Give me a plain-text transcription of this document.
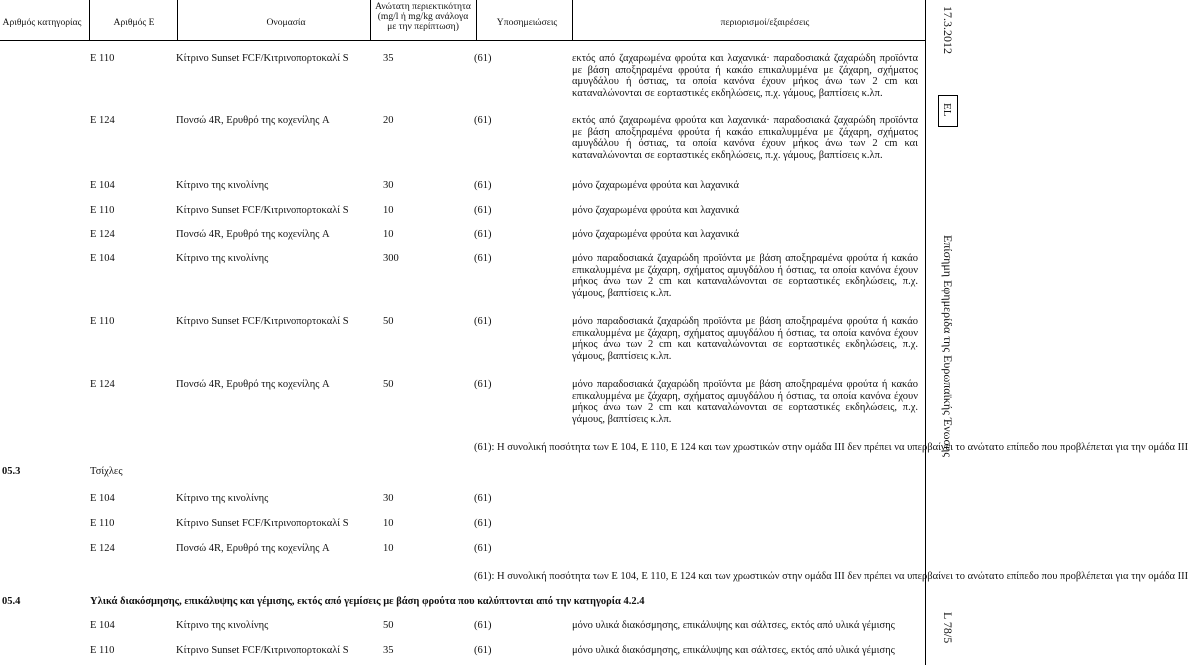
Αριθμός κατηγορίας	Αριθμός Ε	Ονομασία
Ανώτατη περιεκτικότητα
(mg/l ή mg/kg ανάλογα
με την περίπτωση)	Υποσημειώσεις	περιορισμοί/εξαιρέσεις
E 110	Κίτρινο Sunset FCF/Κιτρινοπορτοκαλί S	35	(61)	εκτός από ζαχαρωμένα φρούτα και λαχανικά· παραδοσιακά ζαχαρώδη προϊόντα με βάση αποξηραμένα φρούτα ή κακάο επικαλυμμένα με ζάχαρη, σχήματος αμυγδάλου ή όστιας, τα οποία κανόνα έχουν μήκος άνω των 2 cm και καταναλώνονται σε εορταστικές εκδηλώσεις, π.χ. γάμους, βαπτίσεις κ.λπ.
E 124	Πονσώ 4R, Ερυθρό της κοχενίλης A	20	(61)	εκτός από ζαχαρωμένα φρούτα και λαχανικά· παραδοσιακά ζαχαρώδη προϊόντα με βάση αποξηραμένα φρούτα ή κακάο επικαλυμμένα με ζάχαρη, σχήματος αμυγδάλου ή όστιας, τα οποία κανόνα έχουν μήκος άνω των 2 cm και καταναλώνονται σε εορταστικές εκδηλώσεις, π.χ. γάμους, βαπτίσεις κ.λπ.
E 104	Κίτρινο της κινολίνης	30	(61)	μόνο ζαχαρωμένα φρούτα και λαχανικά
E 110	Κίτρινο Sunset FCF/Κιτρινοπορτοκαλί S	10	(61)	μόνο ζαχαρωμένα φρούτα και λαχανικά
E 124	Πονσώ 4R, Ερυθρό της κοχενίλης A	10	(61)	μόνο ζαχαρωμένα φρούτα και λαχανικά
E 104	Κίτρινο της κινολίνης	300	(61)	μόνο παραδοσιακά ζαχαρώδη προϊόντα με βάση αποξηραμένα φρούτα ή κακάο επικαλυμμένα με ζάχαρη, σχήματος αμυγδάλου ή όστιας, τα οποία κανόνα έχουν μήκος άνω των 2 cm και καταναλώνονται σε εορταστικές εκδηλώσεις, π.χ. γάμους, βαπτίσεις κ.λπ.
E 110	Κίτρινο Sunset FCF/Κιτρινοπορτοκαλί S	50	(61)	μόνο παραδοσιακά ζαχαρώδη προϊόντα με βάση αποξηραμένα φρούτα ή κακάο επικαλυμμένα με ζάχαρη, σχήματος αμυγδάλου ή όστιας, τα οποία κανόνα έχουν μήκος άνω των 2 cm και καταναλώνονται σε εορταστικές εκδηλώσεις, π.χ. γάμους, βαπτίσεις κ.λπ.
E 124	Πονσώ 4R, Ερυθρό της κοχενίλης A	50	(61)	μόνο παραδοσιακά ζαχαρώδη προϊόντα με βάση αποξηραμένα φρούτα ή κακάο επικαλυμμένα με ζάχαρη, σχήματος αμυγδάλου ή όστιας, τα οποία κανόνα έχουν μήκος άνω των 2 cm και καταναλώνονται σε εορταστικές εκδηλώσεις, π.χ. γάμους, βαπτίσεις κ.λπ.
(61): Η συνολική ποσότητα των E 104, E 110, E 124 και των χρωστικών στην ομάδα ΙΙΙ δεν πρέπει να υπερβαίνει το ανώτατο επίπεδο που προβλέπεται για την ομάδα ΙΙΙ
05.3	Τσίχλες
E 104	Κίτρινο της κινολίνης	30	(61)
E 110	Κίτρινο Sunset FCF/Κιτρινοπορτοκαλί S	10	(61)
E 124	Πονσώ 4R, Ερυθρό της κοχενίλης A	10	(61)
(61): Η συνολική ποσότητα των E 104, E 110, E 124 και των χρωστικών στην ομάδα ΙΙΙ δεν πρέπει να υπερβαίνει το ανώτατο επίπεδο που προβλέπεται για την ομάδα ΙΙΙ
05.4	Υλικά διακόσμησης, επικάλυψης και γέμισης, εκτός από γεμίσεις με βάση φρούτα που καλύπτονται από την κατηγορία 4.2.4
E 104	Κίτρινο της κινολίνης	50	(61)	μόνο υλικά διακόσμησης, επικάλυψης και σάλτσες, εκτός από υλικά γέμισης
E 110	Κίτρινο Sunset FCF/Κιτρινοπορτοκαλί S	35	(61)	μόνο υλικά διακόσμησης, επικάλυψης και σάλτσες, εκτός από υλικά γέμισης
17.3.2012
EL
Επίσημη Εφημερίδα της Ευρωπαϊκής Ένωσης
L 78/5
